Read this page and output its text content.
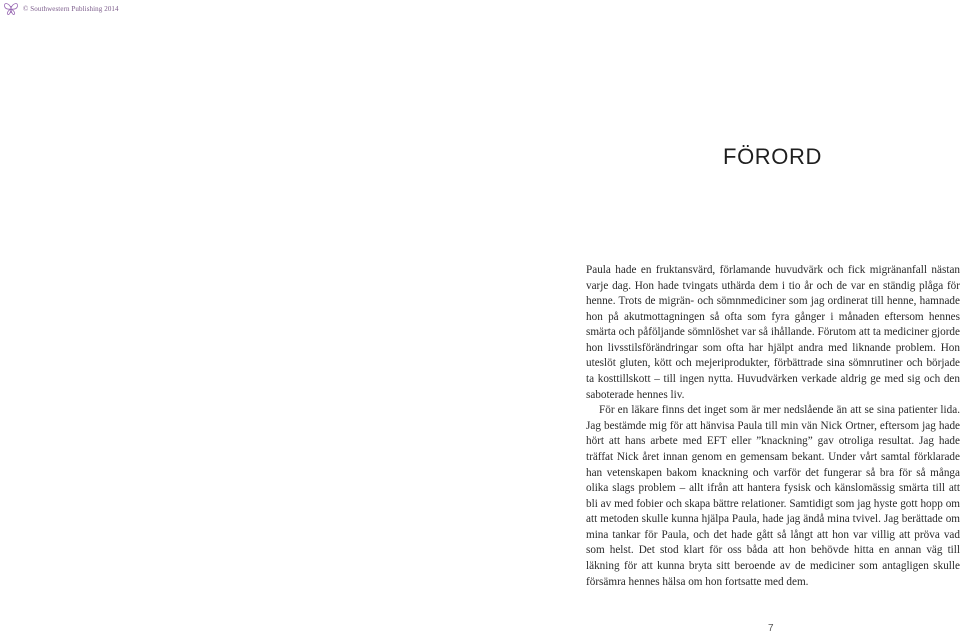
© Southwestern Publishing 2014
FÖRORD

Paula hade en fruktansvärd, förlamande huvudvärk och fick migränanfall nästan varje dag. Hon hade tvingats uthärda dem i tio år och de var en ständig plåga för henne. Trots de migrän- och sömnmediciner som jag ordinerat till henne, hamnade hon på akutmottagningen så ofta som fyra gånger i månaden eftersom hennes smärta och påföljande sömnlöshet var så ihållande. Förutom att ta mediciner gjorde hon livsstilsförändringar som ofta har hjälpt andra med liknande problem. Hon uteslöt gluten, kött och mejeriprodukter, förbättrade sina sömnrutiner och började ta kosttillskott – till ingen nytta. Huvudvärken verkade aldrig ge med sig och den saboterade hennes liv.

För en läkare finns det inget som är mer nedslående än att se sina patienter lida. Jag bestämde mig för att hänvisa Paula till min vän Nick Ortner, eftersom jag hade hört att hans arbete med EFT eller ”knackning” gav otroliga resultat. Jag hade träffat Nick året innan genom en gemensam bekant. Under vårt samtal förklarade han vetenskapen bakom knackning och varför det fungerar så bra för så många olika slags problem – allt ifrån att hantera fysisk och känslomässig smärta till att bli av med fobier och skapa bättre relationer. Samtidigt som jag hyste gott hopp om att metoden skulle kunna hjälpa Paula, hade jag ändå mina tvivel. Jag berättade om mina tankar för Paula, och det hade gått så långt att hon var villig att pröva vad som helst. Det stod klart för oss båda att hon behövde hitta en annan väg till läkning för att kunna bryta sitt beroende av de mediciner som antagligen skulle försämra hennes hälsa om hon fortsatte med dem.

7
